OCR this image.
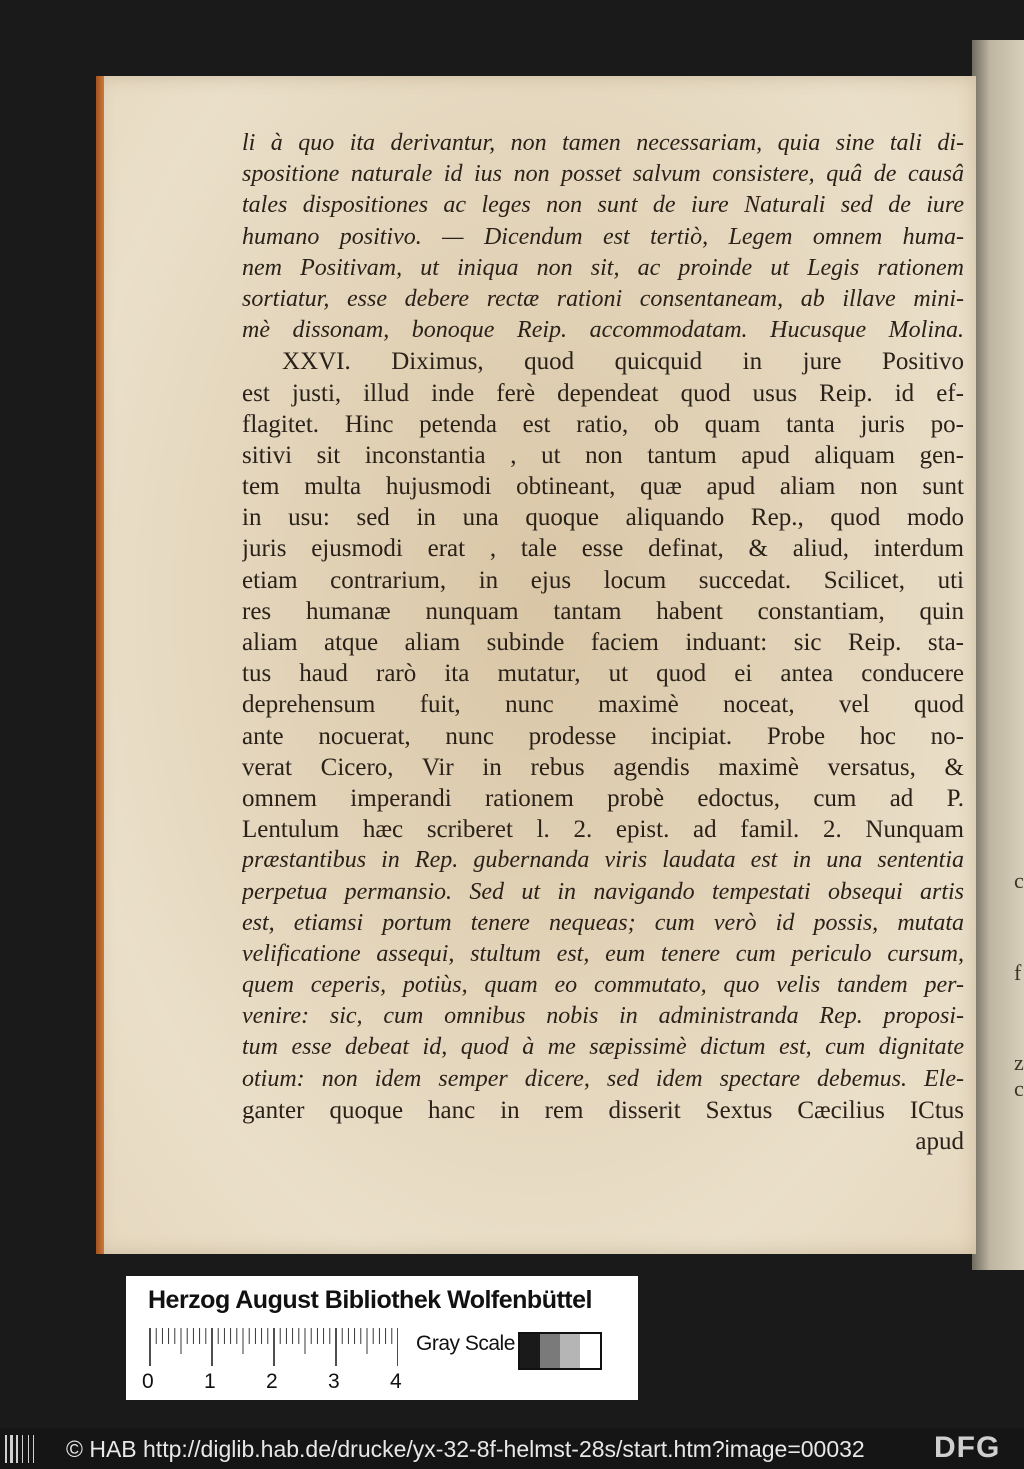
c
f
z
c
li à quo ita derivantur, non tamen necessariam, quia sine tali di-
spositione naturale id ius non posset salvum consistere, quâ de causâ
tales dispositiones ac leges non sunt de iure Naturali sed de iure
humano positivo. — Dicendum est tertiò, Legem omnem huma-
nem Positivam, ut iniqua non sit, ac proinde ut Legis rationem
sortiatur, esse debere rectæ rationi consentaneam, ab illave mini-
mè dissonam, bonoque Reip. accommodatam. Hucusque Molina.
XXVI. Diximus, quod quicquid in jure Positivo
est justi, illud inde ferè dependeat quod usus Reip. id ef-
flagitet. Hinc petenda est ratio, ob quam tanta juris po-
sitivi sit inconstantia , ut non tantum apud aliquam gen-
tem multa hujusmodi obtineant, quæ apud aliam non sunt
in usu: sed in una quoque aliquando Rep., quod modo
juris ejusmodi erat , tale esse definat, & aliud, interdum
etiam contrarium, in ejus locum succedat. Scilicet, uti
res humanæ nunquam tantam habent constantiam, quin
aliam atque aliam subinde faciem induant: sic Reip. sta-
tus haud rarò ita mutatur, ut quod ei antea conducere
deprehensum fuit, nunc maximè noceat, vel quod
ante nocuerat, nunc prodesse incipiat. Probe hoc no-
verat Cicero, Vir in rebus agendis maximè versatus, &
omnem imperandi rationem probè edoctus, cum ad P.
Lentulum hæc scriberet l. 2. epist. ad famil. 2. Nunquam
præstantibus in Rep. gubernanda viris laudata est in una sententia
perpetua permansio. Sed ut in navigando tempestati obsequi artis
est, etiamsi portum tenere nequeas; cum verò id possis, mutata
velificatione assequi, stultum est, eum tenere cum periculo cursum,
quem ceperis, potiùs, quam eo commutato, quo velis tandem per-
venire: sic, cum omnibus nobis in administranda Rep. proposi-
tum esse debeat id, quod à me sæpissimè dictum est, cum dignitate
otium: non idem semper dicere, sed idem spectare debemus. Ele-
ganter quoque hanc in rem disserit Sextus Cæcilius ICtus
apud
Herzog August Bibliothek Wolfenbüttel
0 1 2 3 4
Gray Scale
© HAB http://diglib.hab.de/drucke/yx-32-8f-helmst-28s/start.htm?image=00032	DFG
